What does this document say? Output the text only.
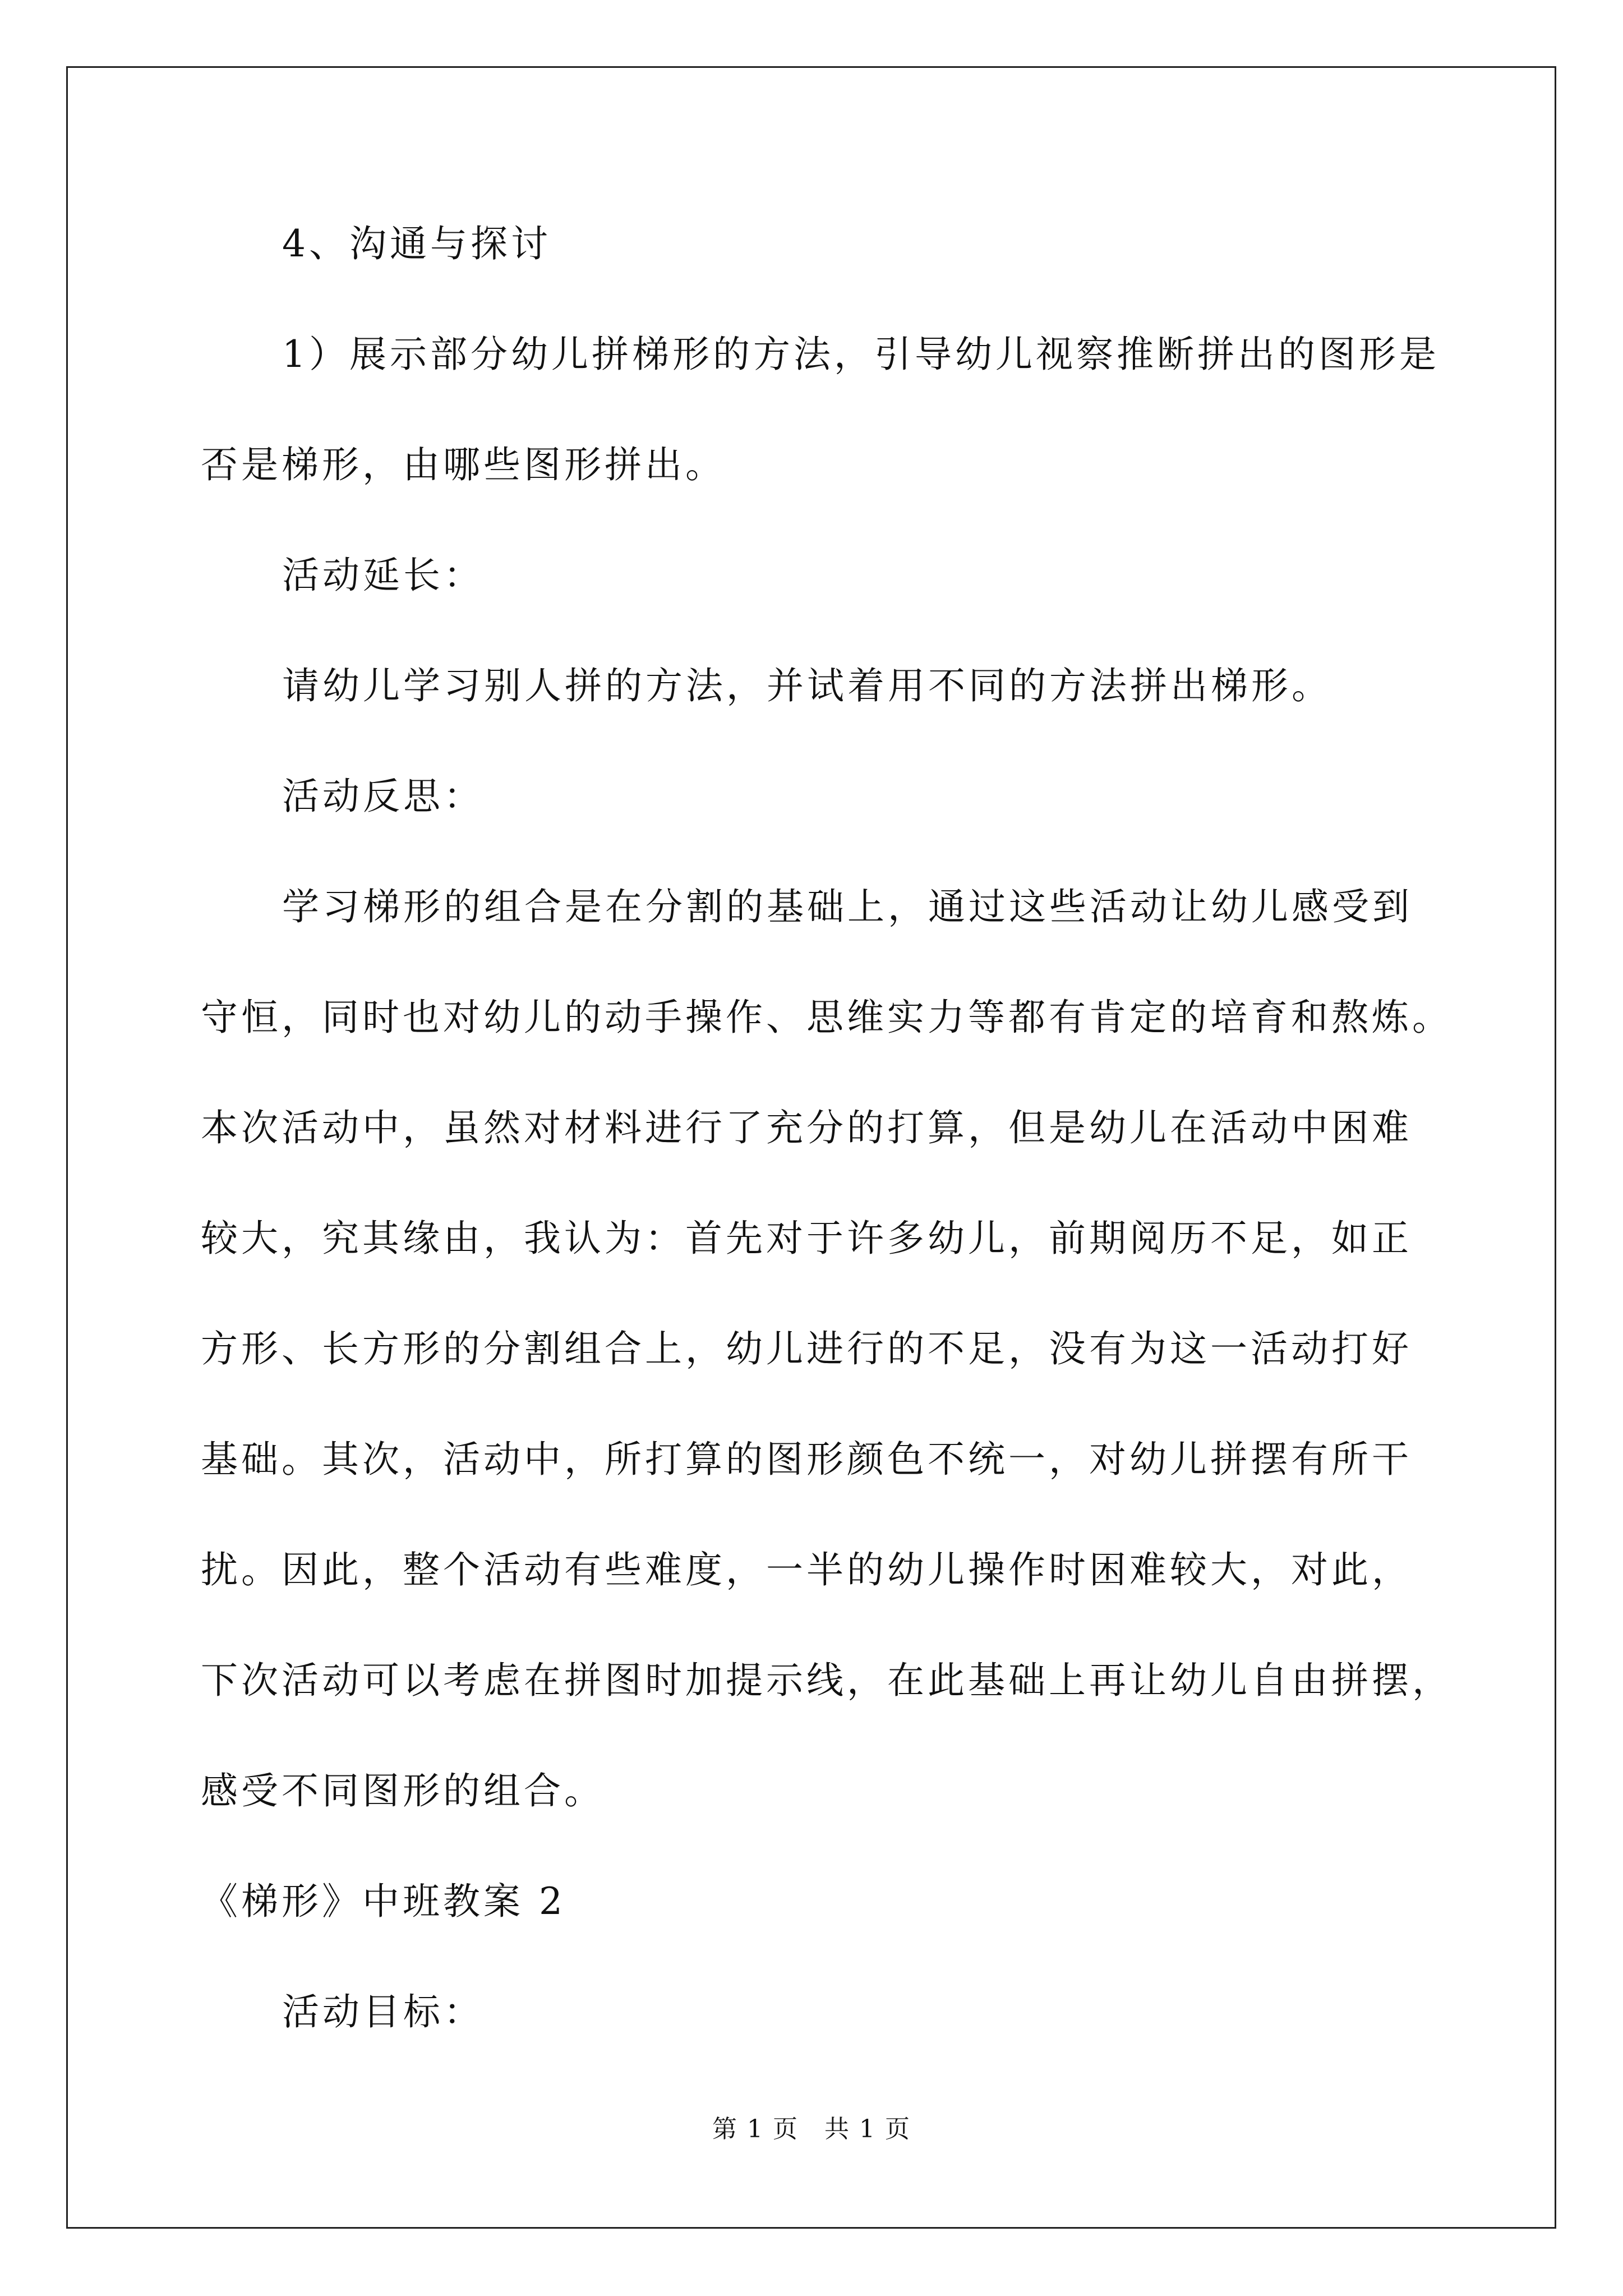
4、沟通与探讨
1）展示部分幼儿拼梯形的方法，引导幼儿视察推断拼出的图形是
否是梯形，由哪些图形拼出。
活动延长：
请幼儿学习别人拼的方法，并试着用不同的方法拼出梯形。
活动反思：
学习梯形的组合是在分割的基础上，通过这些活动让幼儿感受到
守恒，同时也对幼儿的动手操作、思维实力等都有肯定的培育和熬炼。
本次活动中，虽然对材料进行了充分的打算，但是幼儿在活动中困难
较大，究其缘由，我认为：首先对于许多幼儿，前期阅历不足，如正
方形、长方形的分割组合上，幼儿进行的不足，没有为这一活动打好
基础。其次，活动中，所打算的图形颜色不统一，对幼儿拼摆有所干
扰。因此，整个活动有些难度，一半的幼儿操作时困难较大，对此，
下次活动可以考虑在拼图时加提示线，在此基础上再让幼儿自由拼摆，
感受不同图形的组合。
《梯形》中班教案 2
活动目标：
第 1 页　共 1 页
